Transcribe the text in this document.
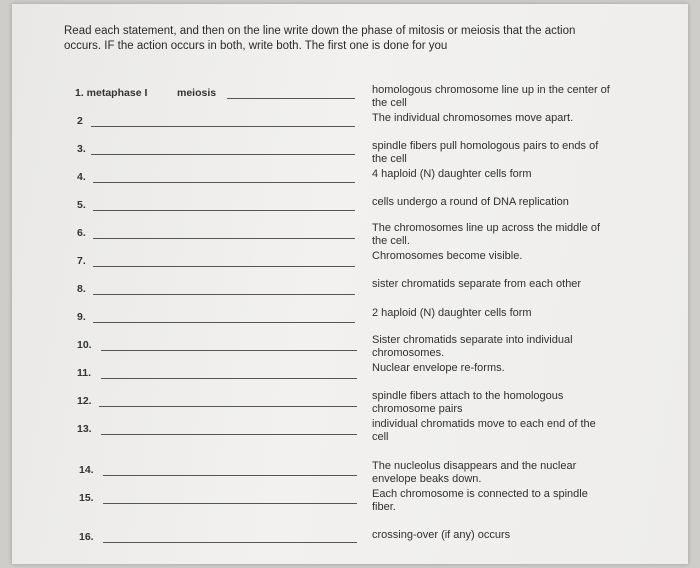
Read each statement, and then on the line write down the phase of mitosis or meiosis that the action occurs. IF the action occurs in both, write both. The first one is done for you
1. metaphase I	meiosis	homologous chromosome line up in the center of the cell
2	The individual chromosomes move apart.
3.	spindle fibers pull homologous pairs to ends of the cell
4.	4 haploid (N) daughter cells form
5.	cells undergo a round of DNA replication
6.	The chromosomes line up across the middle of the cell.
7.	Chromosomes become visible.
8.	sister chromatids separate from each other
9.	2 haploid (N) daughter cells form
10.	Sister chromatids separate into individual chromosomes.
11.	Nuclear envelope re-forms.
12.	spindle fibers attach to the homologous chromosome pairs
13.	individual chromatids move to each end of the cell
14.	The nucleolus disappears and the nuclear envelope beaks down.
15.	Each chromosome is connected to a spindle fiber.
16.	crossing-over (if any) occurs
